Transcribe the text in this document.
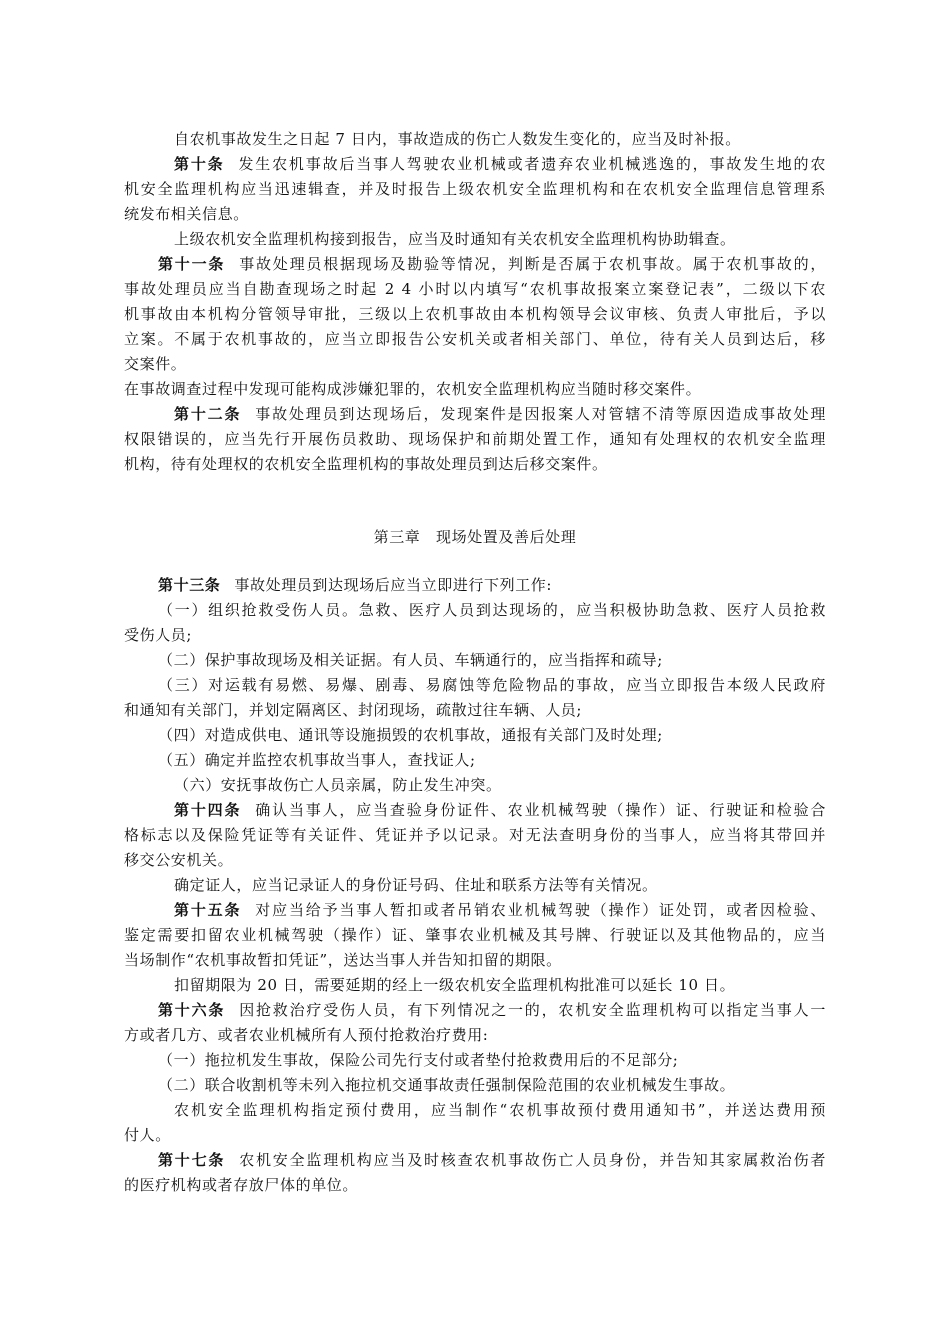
自农机事故发生之日起 7 日内，事故造成的伤亡人数发生变化的，应当及时补报。
第十条 发生农机事故后当事人驾驶农业机械或者遗弃农业机械逃逸的，事故发生地的农
机安全监理机构应当迅速辑查，并及时报告上级农机安全监理机构和在农机安全监理信息管理系
统发布相关信息。
上级农机安全监理机构接到报告，应当及时通知有关农机安全监理机构协助辑查。
第十一条 事故处理员根据现场及勘验等情况，判断是否属于农机事故。属于农机事故的，
事故处理员应当自勘查现场之时起 2 4 小时以内填写“农机事故报案立案登记表”，二级以下农
机事故由本机构分管领导审批，三级以上农机事故由本机构领导会议审核、负责人审批后，予以
立案。不属于农机事故的，应当立即报告公安机关或者相关部门、单位，待有关人员到达后，移
交案件。
在事故调查过程中发现可能构成涉嫌犯罪的，农机安全监理机构应当随时移交案件。
第十二条 事故处理员到达现场后，发现案件是因报案人对管辖不清等原因造成事故处理
权限错误的，应当先行开展伤员救助、现场保护和前期处置工作，通知有处理权的农机安全监理
机构，待有处理权的农机安全监理机构的事故处理员到达后移交案件。
第三章　现场处置及善后处理
第十三条 事故处理员到达现场后应当立即进行下列工作:
（一）组织抢救受伤人员。急救、医疗人员到达现场的，应当积极协助急救、医疗人员抢救
受伤人员;
（二）保护事故现场及相关证据。有人员、车辆通行的，应当指挥和疏导;
（三）对运载有易燃、易爆、剧毒、易腐蚀等危险物品的事故，应当立即报告本级人民政府
和通知有关部门，并划定隔离区、封闭现场，疏散过往车辆、人员;
（四）对造成供电、通讯等设施损毁的农机事故，通报有关部门及时处理;
（五）确定并监控农机事故当事人，查找证人;
（六）安抚事故伤亡人员亲属，防止发生冲突。
第十四条 确认当事人，应当查验身份证件、农业机械驾驶（操作）证、行驶证和检验合
格标志以及保险凭证等有关证件、凭证并予以记录。对无法查明身份的当事人，应当将其带回并
移交公安机关。
确定证人，应当记录证人的身份证号码、住址和联系方法等有关情况。
第十五条 对应当给予当事人暂扣或者吊销农业机械驾驶（操作）证处罚，或者因检验、
鉴定需要扣留农业机械驾驶（操作）证、肇事农业机械及其号牌、行驶证以及其他物品的，应当
当场制作“农机事故暂扣凭证”，送达当事人并告知扣留的期限。
扣留期限为 20 日，需要延期的经上一级农机安全监理机构批准可以延长 10 日。
第十六条 因抢救治疗受伤人员，有下列情况之一的，农机安全监理机构可以指定当事人一
方或者几方、或者农业机械所有人预付抢救治疗费用:
（一）拖拉机发生事故，保险公司先行支付或者垫付抢救费用后的不足部分;
（二）联合收割机等未列入拖拉机交通事故责任强制保险范围的农业机械发生事故。
农机安全监理机构指定预付费用，应当制作“农机事故预付费用通知书”，并送达费用预
付人。
第十七条 农机安全监理机构应当及时核查农机事故伤亡人员身份，并告知其家属救治伤者
的医疗机构或者存放尸体的单位。
